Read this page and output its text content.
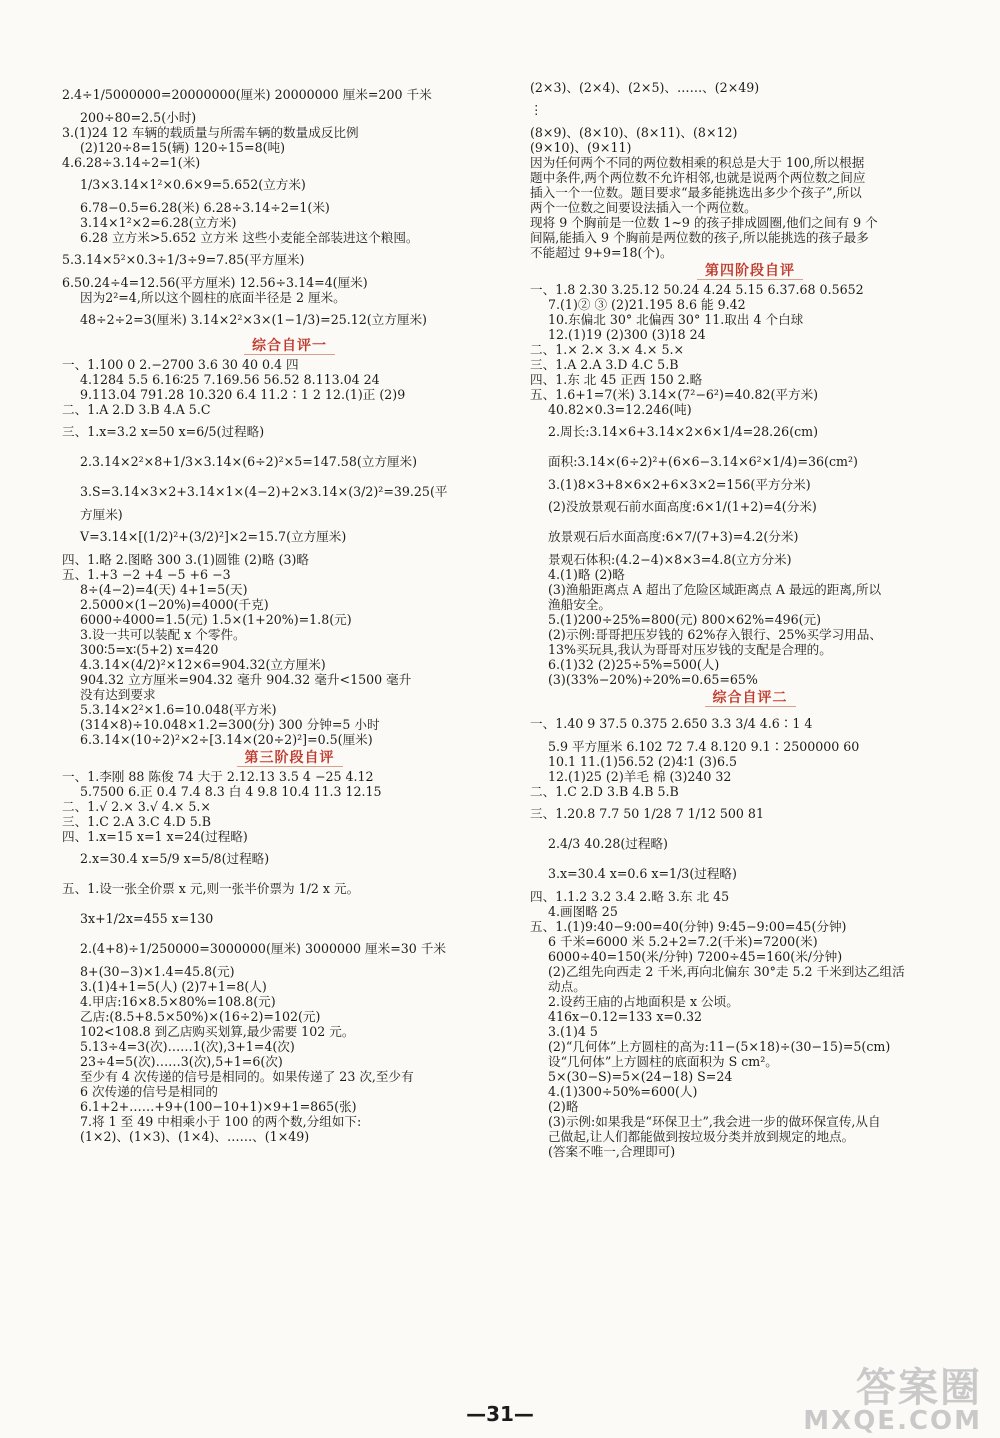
2.4÷1/5000000=20000000(厘米) 20000000 厘米=200 千米

200÷80=2.5(小时)

3.(1)24 12 车辆的载质量与所需车辆的数量成反比例

(2)120÷8=15(辆) 120÷15=8(吨)

4.6.28÷3.14÷2=1(米)

1/3×3.14×1²×0.6×9=5.652(立方米)

6.78−0.5=6.28(米) 6.28÷3.14÷2=1(米)

3.14×1²×2=6.28(立方米)

6.28 立方米>5.652 立方米 这些小麦能全部装进这个粮囤。

5.3.14×5²×0.3÷1/3÷9=7.85(平方厘米)

6.50.24÷4=12.56(平方厘米) 12.56÷3.14=4(厘米)

因为2²=4,所以这个圆柱的底面半径是 2 厘米。

48÷2÷2=3(厘米) 3.14×2²×3×(1−1/3)=25.12(立方厘米)

综合自评一

一、1.100 0 2.−2700 3.6 30 40 0.4 四

4.1284 5.5 6.16∶25 7.169.56 56.52 8.113.04 24

9.113.04 791.28 10.320 6.4 11.2∶1 2 12.(1)正 (2)9

二、1.A 2.D 3.B 4.A 5.C

三、1.x=3.2 x=50 x=6/5(过程略)

2.3.14×2²×8+1/3×3.14×(6÷2)²×5=147.58(立方厘米)

3.S=3.14×3×2+3.14×1×(4−2)+2×3.14×(3/2)²=39.25(平

方厘米)

V=3.14×[(1/2)²+(3/2)²]×2=15.7(立方厘米)

四、1.略 2.图略 300 3.(1)圆锥 (2)略 (3)略

五、1.+3 −2 +4 −5 +6 −3

8÷(4−2)=4(天) 4+1=5(天)

2.5000×(1−20%)=4000(千克)

6000÷4000=1.5(元) 1.5×(1+20%)=1.8(元)

3.设一共可以装配 x 个零件。

300∶5=x∶(5+2) x=420

4.3.14×(4/2)²×12×6=904.32(立方厘米)

904.32 立方厘米=904.32 毫升 904.32 毫升<1500 毫升

没有达到要求

5.3.14×2²×1.6=10.048(平方米)

(314×8)÷10.048×1.2=300(分) 300 分钟=5 小时

6.3.14×(10÷2)²×2÷[3.14×(20÷2)²]=0.5(厘米)

第三阶段自评

一、1.李刚 88 陈俊 74 大于 2.12.13 3.5 4 −25 4.12

5.7500 6.正 0.4 7.4 8.3 白 4 9.8 10.4 11.3 12.15

二、1.√ 2.× 3.√ 4.× 5.×

三、1.C 2.A 3.C 4.D 5.B

四、1.x=15 x=1 x=24(过程略)

2.x=30.4 x=5/9 x=5/8(过程略)

五、1.设一张全价票 x 元,则一张半价票为 1/2 x 元。

3x+1/2x=455 x=130

2.(4+8)÷1/250000=3000000(厘米) 3000000 厘米=30 千米

8+(30−3)×1.4=45.8(元)

3.(1)4+1=5(人) (2)7+1=8(人)

4.甲店:16×8.5×80%=108.8(元)

乙店:(8.5+8.5×50%)×(16÷2)=102(元)

102<108.8 到乙店购买划算,最少需要 102 元。

5.13÷4=3(次)……1(次),3+1=4(次)

23÷4=5(次)……3(次),5+1=6(次)

至少有 4 次传递的信号是相同的。如果传递了 23 次,至少有

6 次传递的信号是相同的

6.1+2+……+9+(100−10+1)×9+1=865(张)

7.将 1 至 49 中相乘小于 100 的两个数,分组如下:

(1×2)、(1×3)、(1×4)、……、(1×49)

(2×3)、(2×4)、(2×5)、……、(2×49)

⋮

(8×9)、(8×10)、(8×11)、(8×12)

(9×10)、(9×11)

因为任何两个不同的两位数相乘的积总是大于 100,所以根据

题中条件,两个两位数不允许相邻,也就是说两个两位数之间应

插入一个一位数。题目要求“最多能挑选出多少个孩子”,所以

两个一位数之间要设法插入一个两位数。

现将 9 个胸前是一位数 1~9 的孩子排成圆圈,他们之间有 9 个

间隔,能插入 9 个胸前是两位数的孩子,所以能挑选的孩子最多

不能超过 9+9=18(个)。

第四阶段自评

一、1.8 2.30 3.25.12 50.24 4.24 5.15 6.37.68 0.5652

7.(1)② ③ (2)21.195 8.6 能 9.42

10.东偏北 30° 北偏西 30° 11.取出 4 个白球

12.(1)19 (2)300 (3)18 24

二、1.× 2.× 3.× 4.× 5.×

三、1.A 2.A 3.D 4.C 5.B

四、1.东 北 45 正西 150 2.略

五、1.6+1=7(米) 3.14×(7²−6²)=40.82(平方米)

40.82×0.3=12.246(吨)

2.周长:3.14×6+3.14×2×6×1/4=28.26(cm)

面积:3.14×(6÷2)²+(6×6−3.14×6²×1/4)=36(cm²)

3.(1)8×3+8×6×2+6×3×2=156(平方分米)

(2)没放景观石前水面高度:6×1/(1+2)=4(分米)

放景观石后水面高度:6×7/(7+3)=4.2(分米)

景观石体积:(4.2−4)×8×3=4.8(立方分米)

4.(1)略 (2)略

(3)渔船距离点 A 超出了危险区域距离点 A 最远的距离,所以

渔船安全。

5.(1)200÷25%=800(元) 800×62%=496(元)

(2)示例:哥哥把压岁钱的 62%存入银行、25%买学习用品、

13%买玩具,我认为哥哥对压岁钱的支配是合理的。

6.(1)32 (2)25÷5%=500(人)

(3)(33%−20%)÷20%=0.65=65%

综合自评二

一、1.40 9 37.5 0.375 2.650 3.3 3/4 4.6∶1 4

5.9 平方厘米 6.102 72 7.4 8.120 9.1∶2500000 60

10.1 11.(1)56.52 (2)4∶1 (3)6.5

12.(1)25 (2)羊毛 棉 (3)240 32

二、1.C 2.D 3.B 4.B 5.B

三、1.20.8 7.7 50 1/28 7 1/12 500 81

2.4/3 40.28(过程略)

3.x=30.4 x=0.6 x=1/3(过程略)

四、1.1.2 3.2 3.4 2.略 3.东 北 45

4.画图略 25

五、1.(1)9:40−9:00=40(分钟) 9:45−9:00=45(分钟)

6 千米=6000 米 5.2+2=7.2(千米)=7200(米)

6000÷40=150(米/分钟) 7200÷45=160(米/分钟)

(2)乙组先向西走 2 千米,再向北偏东 30°走 5.2 千米到达乙组活

动点。

2.设药王庙的占地面积是 x 公顷。

416x−0.12=133 x=0.32

3.(1)4 5

(2)“几何体”上方圆柱的高为:11−(5×18)÷(30−15)=5(cm)

设“几何体”上方圆柱的底面积为 S cm²。

5×(30−S)=5×(24−18) S=24

4.(1)300÷50%=600(人)

(2)略

(3)示例:如果我是“环保卫士”,我会进一步的做环保宣传,从自

己做起,让人们都能做到按垃圾分类并放到规定的地点。

(答案不唯一,合理即可)

—31—
答案圈
MXQE.COM
